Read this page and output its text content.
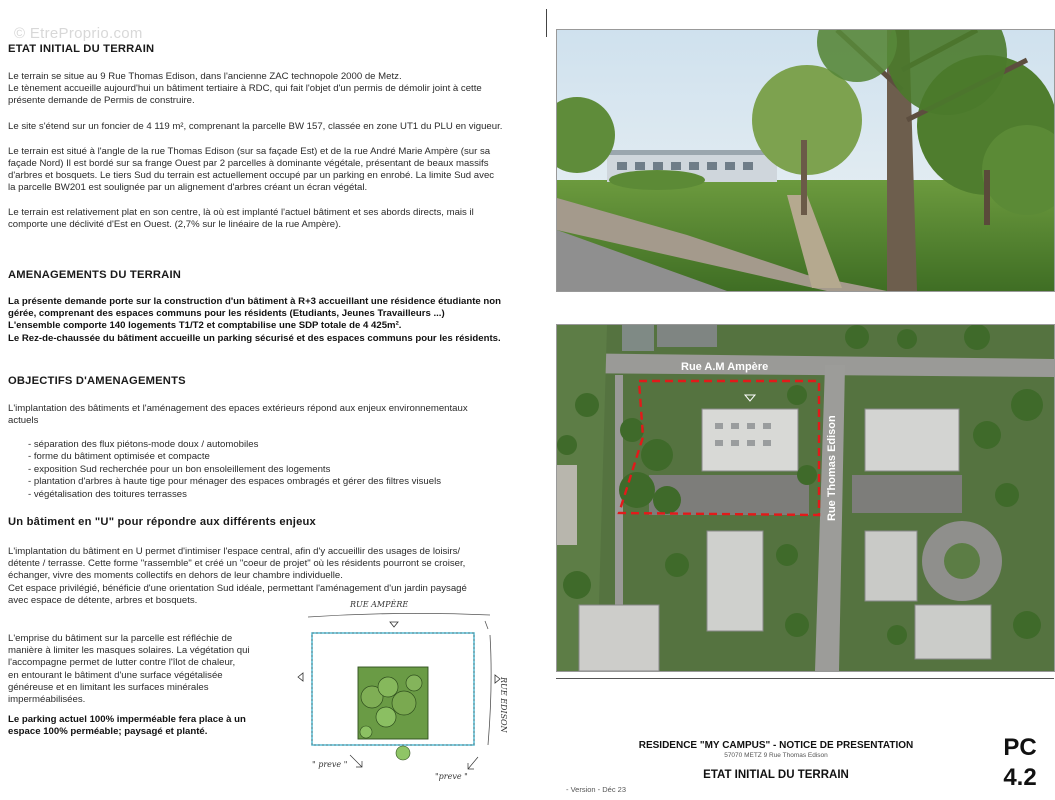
© EtreProprio.com
ETAT INITIAL DU TERRAIN
Le terrain se situe au 9 Rue Thomas Edison, dans l'ancienne ZAC technopole 2000 de Metz.
Le tènement accueille aujourd'hui un bâtiment tertiaire à RDC, qui fait l'objet d'un permis de démolir joint à cette
présente demande de Permis de construire.
Le site s'étend sur un foncier de 4 119 m², comprenant la parcelle BW 157, classée en zone UT1 du PLU en vigueur.
Le terrain est situé à l'angle de la rue Thomas Edison (sur sa façade Est) et de la rue André Marie Ampère (sur sa
façade Nord) Il est bordé sur sa frange Ouest par 2 parcelles à dominante végétale, présentant de beaux massifs
d'arbres et bosquets. Le tiers Sud du terrain est actuellement occupé par un parking en enrobé. La limite Sud avec
la parcelle BW201 est soulignée par un alignement d'arbres créant un écran végétal.
Le terrain est relativement plat en son centre, là où est implanté l'actuel bâtiment et ses abords directs, mais il
comporte une déclivité d'Est en Ouest. (2,7% sur le linéaire de la rue Ampère).
AMENAGEMENTS DU TERRAIN
La présente demande porte sur la construction d'un bâtiment à R+3 accueillant une résidence étudiante non
gérée, comprenant des espaces communs pour les résidents (Etudiants, Jeunes Travailleurs ...)
L'ensemble comporte 140 logements T1/T2 et comptabilise une SDP totale de 4 425m².
Le Rez-de-chaussée du bâtiment accueille un parking sécurisé et des espaces communs pour les résidents.
OBJECTIFS D'AMENAGEMENTS
L'implantation des bâtiments et l'aménagement des epaces extérieurs répond aux enjeux environnementaux
actuels
- séparation des flux piétons-mode doux / automobiles
- forme du bâtiment optimisée et compacte
- exposition Sud recherchée pour un bon ensoleillement des logements
- plantation d'arbres à haute tige pour ménager des espaces ombragés et gérer des filtres visuels
- végétalisation des toitures terrasses
Un bâtiment en "U" pour répondre aux différents enjeux
L'implantation du bâtiment en U permet d'intimiser l'espace central, afin d'y accueillir des usages de loisirs/
détente / terrasse. Cette forme "rassemble" et créé un "coeur de projet" où les résidents pourront se croiser,
échanger, vivre des moments collectifs en dehors de leur chambre individuelle.
Cet espace privilégié, bénéficie d'une orientation Sud idéale, permettant l'aménagement d'un jardin paysagé
avec espace de détente, arbres et bosquets.
L'emprise du bâtiment sur la parcelle est réfléchie de
manière à limiter les masques solaires. La végétation qui
l'accompagne permet de lutter contre l'îlot de chaleur,
en entourant le bâtiment d'une surface végétalisée
généreuse et en limitant les surfaces minérales
imperméabilisées.
Le parking actuel 100% imperméable fera place à un
espace 100% perméable; paysagé et planté.
RUE AMPÈRE
RUE EDISON
" preve "
"preve "
Rue A.M Ampère
Rue Thomas Edison
RESIDENCE "MY CAMPUS" - NOTICE DE PRESENTATION
57070 METZ 9 Rue Thomas Edison
ETAT INITIAL DU TERRAIN
- Version - Déc 23
PC
4.2
